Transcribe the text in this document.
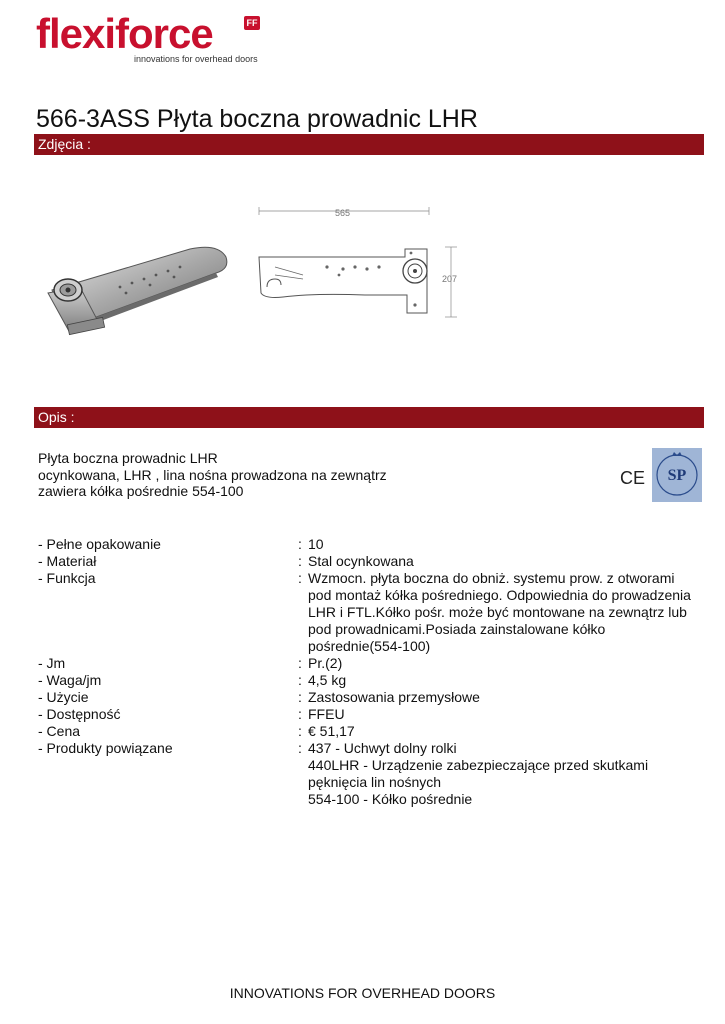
flexiforce	FF
innovations for overhead doors
566-3ASS Płyta boczna prowadnic LHR
Zdjęcia :
565
207
Opis :
Płyta boczna prowadnic LHR
ocynkowana, LHR , lina nośna prowadzona na zewnątrz
zawiera kółka pośrednie 554-100
CE SP
- Pełne opakowanie	: 10
- Materiał	: Stal ocynkowana
- Funkcja	: Wzmocn. płyta boczna do obniż. systemu prow. z otworami
pod montaż kółka pośredniego. Odpowiednia do prowadzenia
LHR i FTL.Kółko pośr. może być montowane na zewnątrz lub
pod prowadnicami.Posiada zainstalowane kółko
pośrednie(554-100)
- Jm	: Pr.(2)
- Waga/jm	: 4,5 kg
- Użycie	: Zastosowania przemysłowe
- Dostępność	: FFEU
- Cena	: € 51,17
- Produkty powiązane	: 437 - Uchwyt dolny rolki
440LHR - Urządzenie zabezpieczające przed skutkami
pęknięcia lin nośnych
554-100 - Kółko pośrednie
INNOVATIONS FOR OVERHEAD DOORS
